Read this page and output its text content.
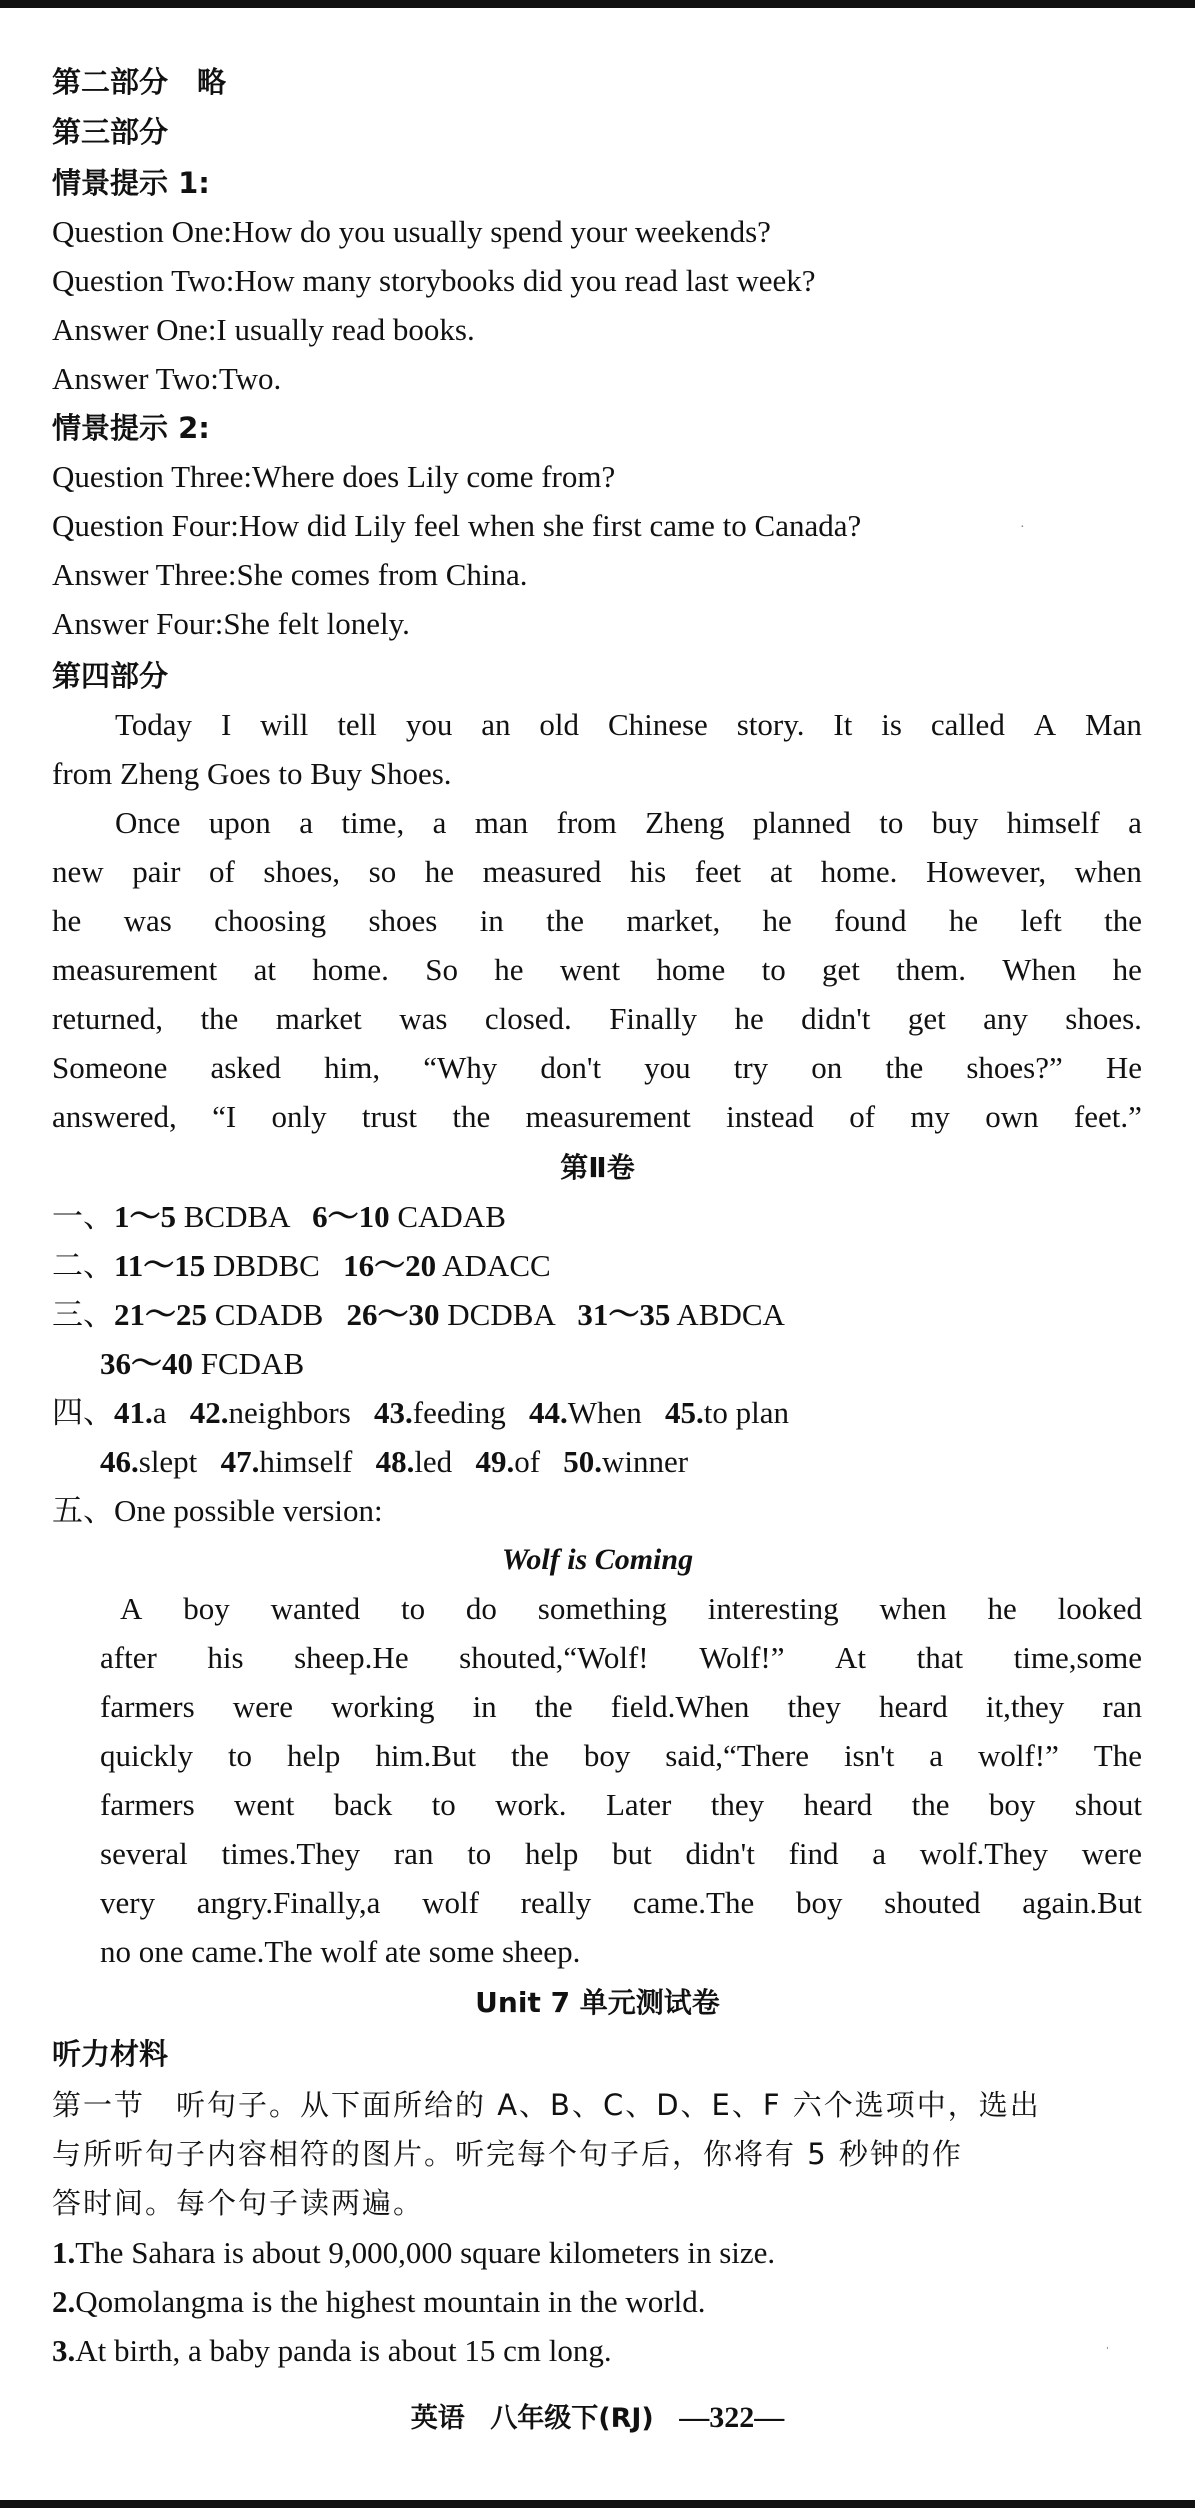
第二部分　 略
第三部分
情景提示 1:
Question One:How do you usually spend your weekends?
Question Two:How many storybooks did you read last week?
Answer One:I usually read books.
Answer Two:Two.
情景提示 2:
Question Three:Where does Lily come from?
Question Four:How did Lily feel when she first came to Canada?
Answer Three:She comes from China.
Answer Four:She felt lonely.
第四部分
Today I will tell you an old Chinese story. It is called A Man
from Zheng Goes to Buy Shoes.
Once upon a time, a man from Zheng planned to buy himself a
new pair of shoes, so he measured his feet at home. However, when
he was choosing shoes in the market, he found he left the
measurement at home. So he went home to get them. When he
returned, the market was closed. Finally he didn't get any shoes.
Someone asked him, “Why don't you try on the shoes?” He
answered, “I only trust the measurement instead of my own feet.”
第Ⅱ卷
一、1～5 BCDBA 6～10 CADAB
二、11～15 DBDBC 16～20 ADACC
三、21～25 CDADB 26～30 DCDBA 31～35 ABDCA
36～40 FCDAB
四、41.a 42.neighbors 43.feeding 44.When 45.to plan
46.slept 47.himself 48.led 49.of 50.winner
五、One possible version:
Wolf is Coming
A boy wanted to do something interesting when he looked
after his sheep.He shouted,“Wolf! Wolf!” At that time,some
farmers were working in the field.When they heard it,they ran
quickly to help him.But the boy said,“There isn't a wolf!” The
farmers went back to work. Later they heard the boy shout
several times.They ran to help but didn't find a wolf.They were
very angry.Finally,a wolf really came.The boy shouted again.But
no one came.The wolf ate some sheep.
Unit 7 单元测试卷
听力材料
第一节　听句子。从下面所给的 A、B、C、D、E、F 六个选项中，选出
与所听句子内容相符的图片。听完每个句子后，你将有 5 秒钟的作
答时间。每个句子读两遍。
1.The Sahara is about 9,000,000 square kilometers in size.
2.Qomolangma is the highest mountain in the world.
3.At birth, a baby panda is about 15 cm long.
英语 八年级下(RJ) —322—
·
ˌ
